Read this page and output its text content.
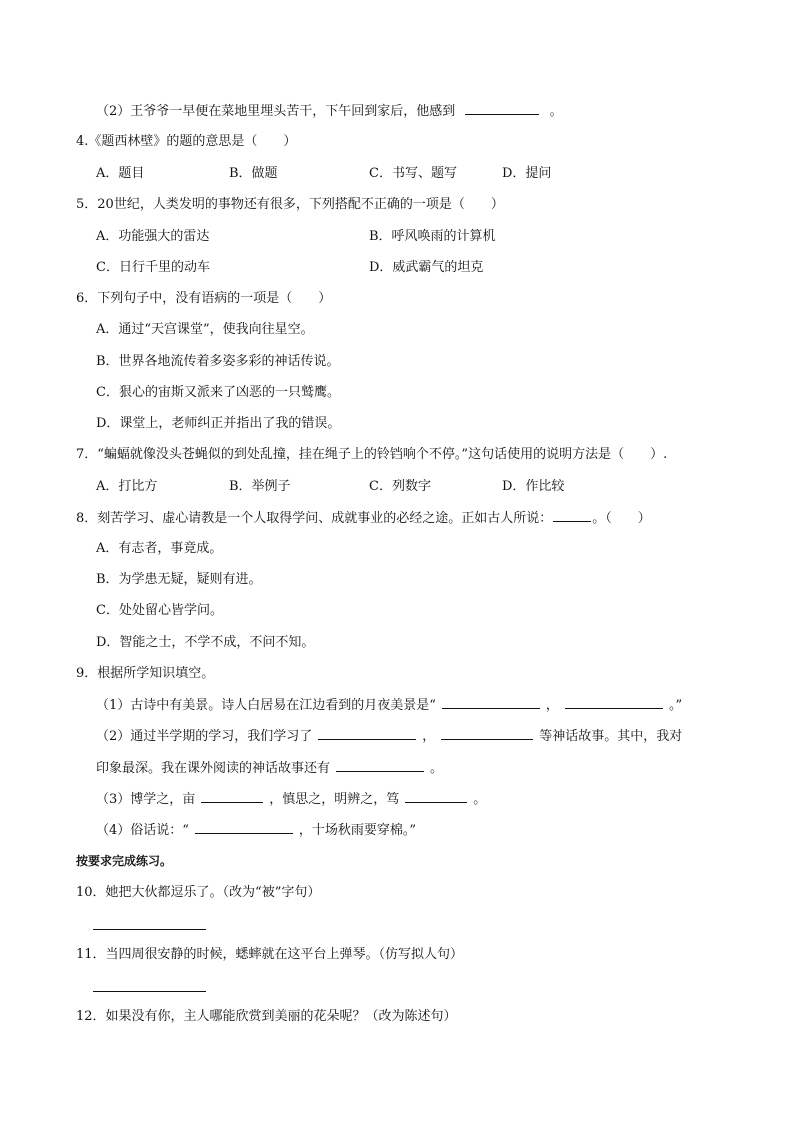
（2）王爷爷一早便在菜地里埋头苦干，下午回到家后，他感到	。
4.《题西林壁》的题的意思是（　　）
A．题目	B．做题	C．书写、题写	D．提问
5．20世纪，人类发明的事物还有很多，下列搭配不正确的一项是（　　）
A．功能强大的雷达	B．呼风唤雨的计算机
C．日行千里的动车	D．威武霸气的坦克
6．下列句子中，没有语病的一项是（　　）
A．通过“天宫课堂”，使我向往星空。
B．世界各地流传着多姿多彩的神话传说。
C．狠心的宙斯又派来了凶恶的一只鹫鹰。
D．课堂上，老师纠正并指出了我的错误。
7．“蝙蝠就像没头苍蝇似的到处乱撞，挂在绳子上的铃铛响个不停。”这句话使用的说明方法是（　　）.
A．打比方	B．举例子	C．列数字	D．作比较
8．刻苦学习、虚心请教是一个人取得学问、成就事业的必经之途。正如古人所说：	。（　　）
A．有志者，事竟成。
B．为学患无疑，疑则有进。
C．处处留心皆学问。
D．智能之士，不学不成，不问不知。
9．根据所学知识填空。
（1）古诗中有美景。诗人白居易在江边看到的月夜美景是“	，	。”
（2）通过半学期的学习，我们学习了	，	等神话故事。其中，我对
印象最深。我在课外阅读的神话故事还有	。
（3）博学之，亩	，慎思之，明辨之，笃	。
（4）俗话说：“	，十场秋雨要穿棉。”
按要求完成练习。
10．她把大伙都逗乐了。（改为“被”字句）
11．当四周很安静的时候，蟋蟀就在这平台上弹琴。（仿写拟人句）
12．如果没有你，主人哪能欣赏到美丽的花朵呢？（改为陈述句）
